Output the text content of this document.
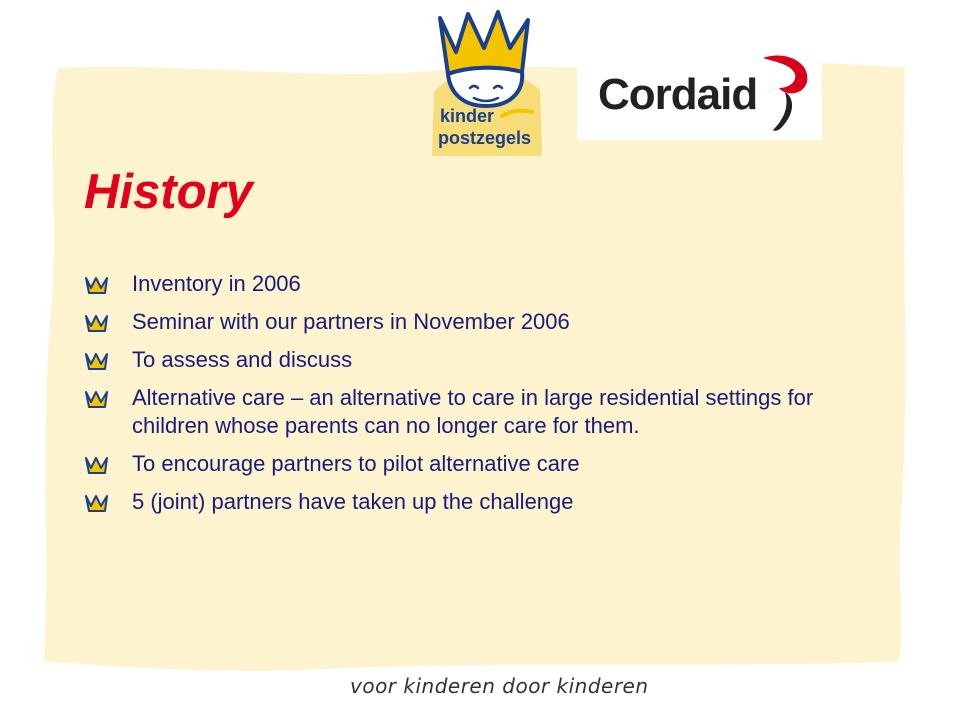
kinder
postzegels
Cordaid
History
Inventory in 2006
Seminar with our partners in November 2006
To assess and discuss
Alternative care – an alternative to care in large residential settings for children whose parents can no longer care for them.
To encourage partners to pilot alternative care
5 (joint) partners have taken up the challenge
voor kinderen door kinderen
